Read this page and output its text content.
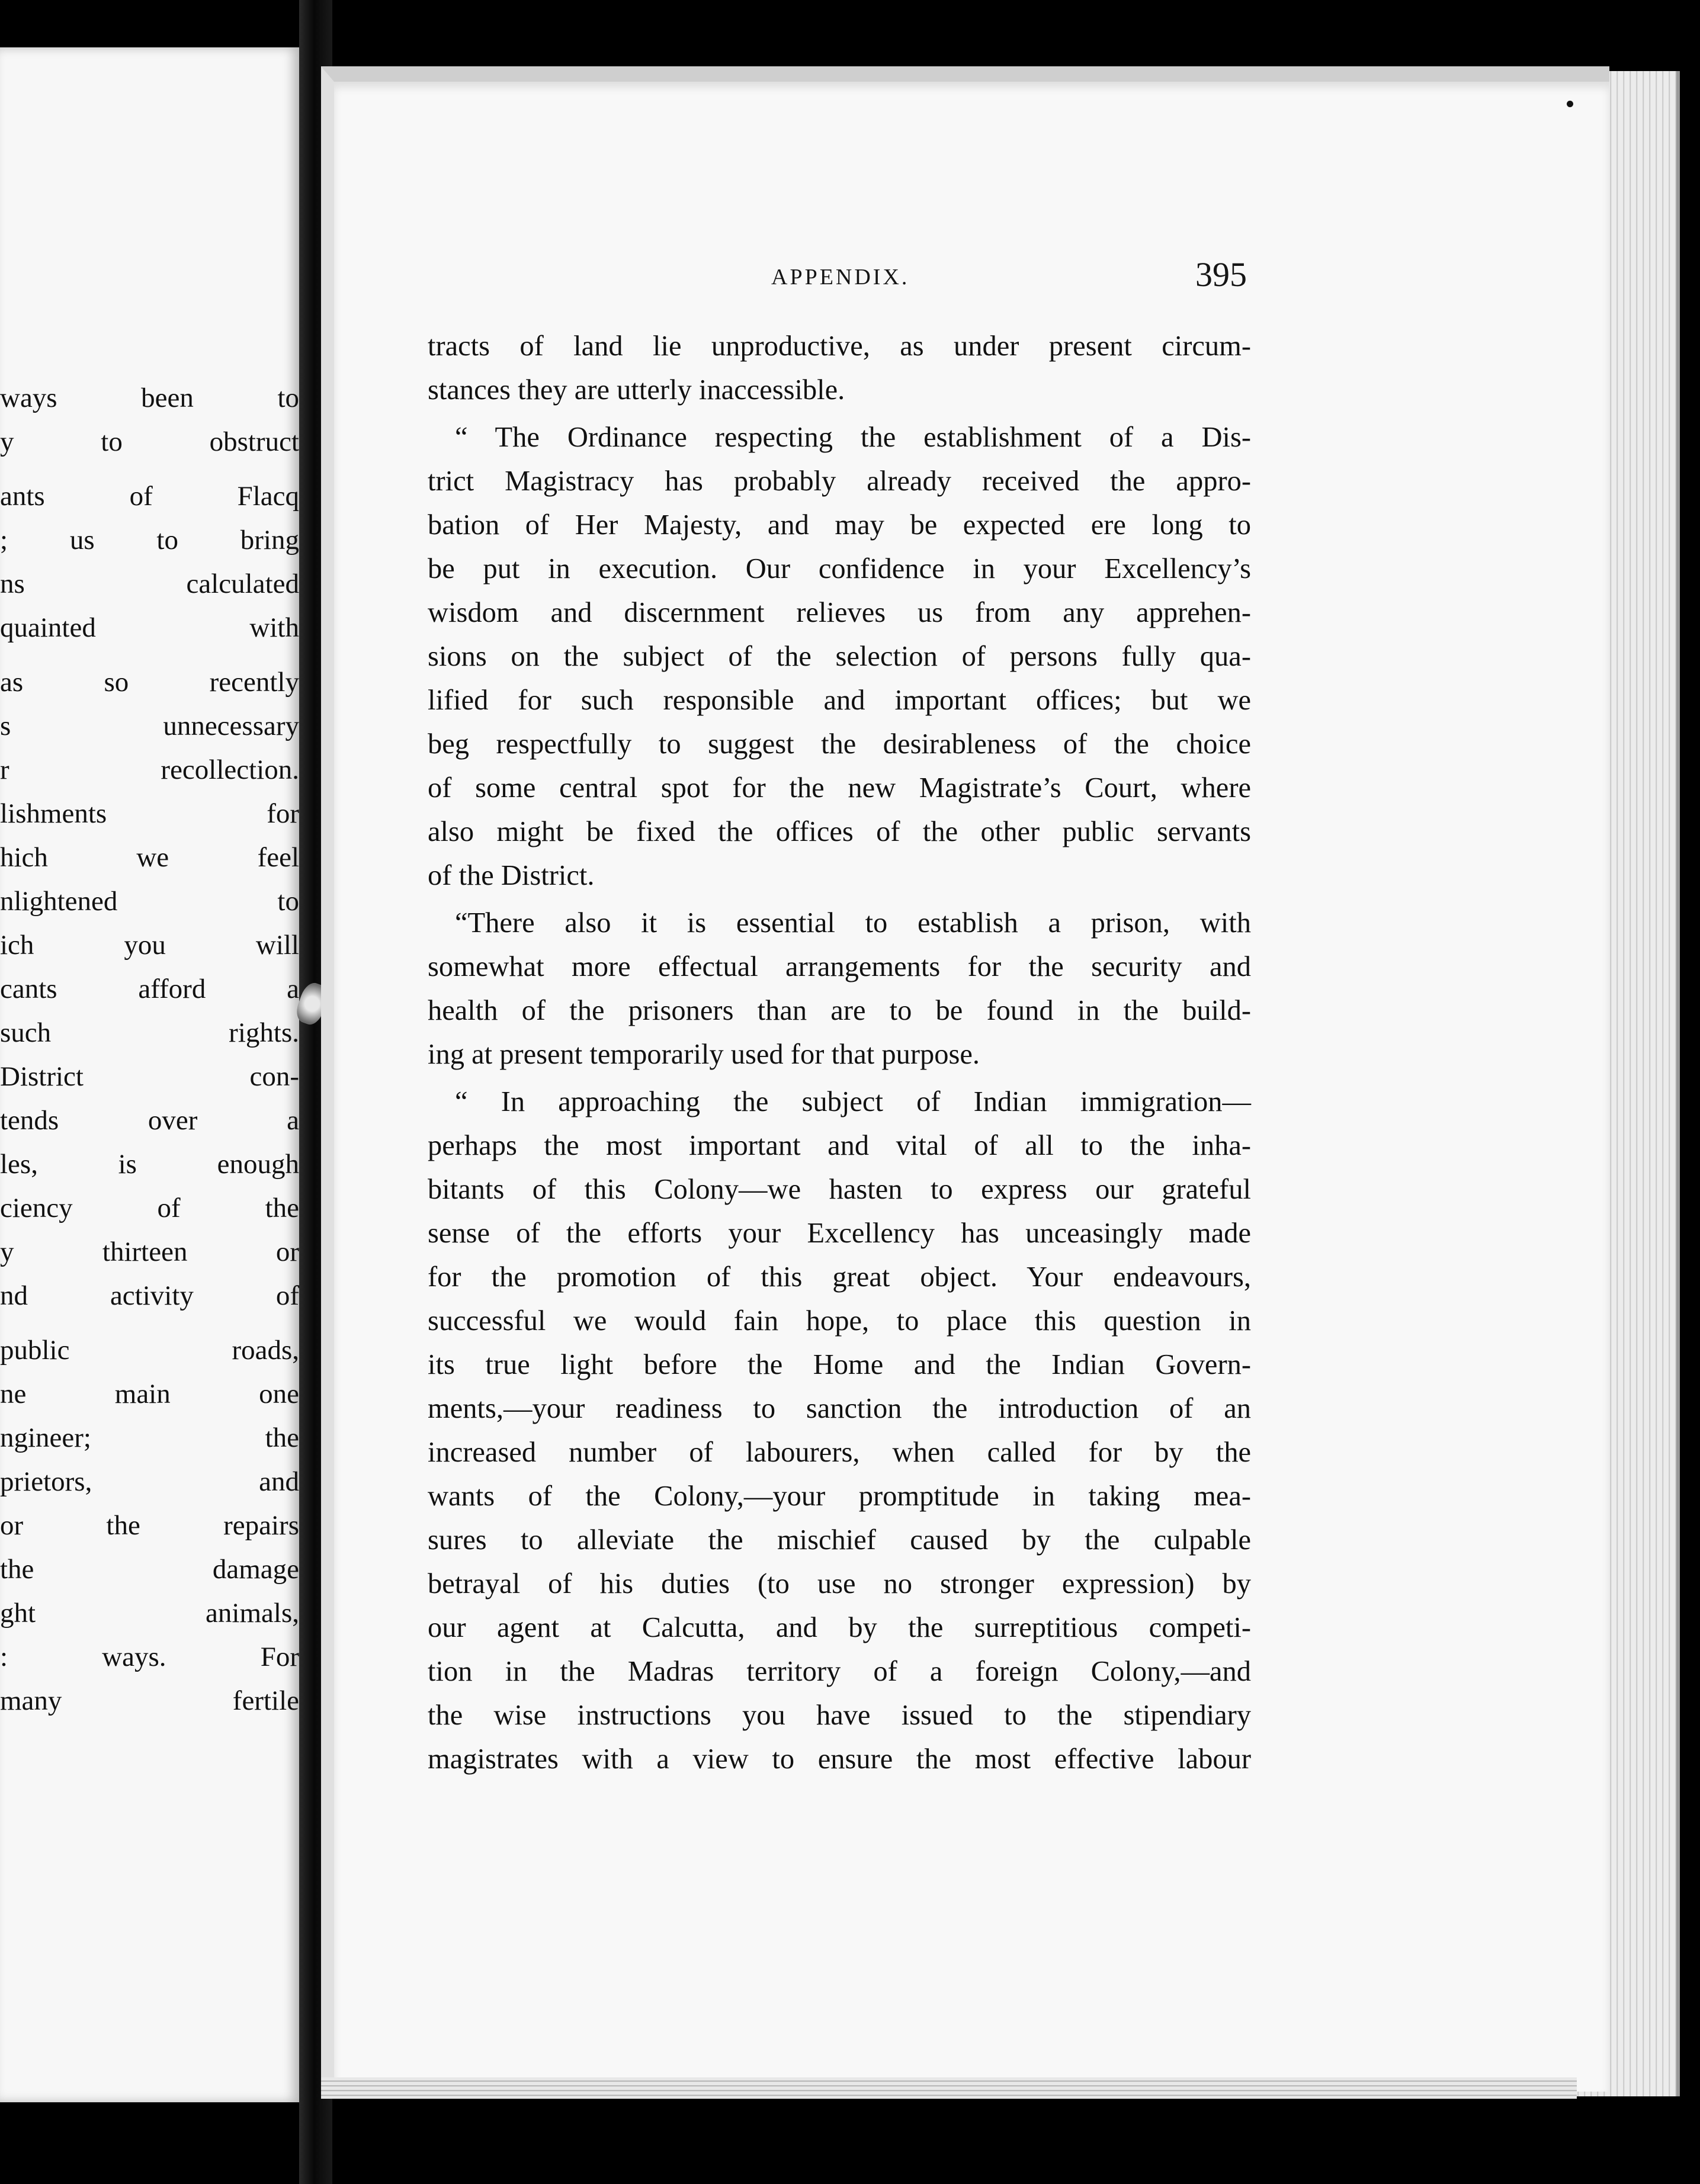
ways been to
y to obstruct
ants of Flacq
; us to bring
ns calculated
quainted with
as so recently
s unnecessary
r recollection.
lishments for
hich we feel
nlightened to
ich you will
cants afford a
such rights.
District con-
tends over a
les, is enough
ciency of the
y thirteen or
nd activity of
public roads,
ne main one
ngineer; the
prietors, and
or the repairs
the damage
ght animals,
: ways. For
many fertile
APPENDIX.	395
tracts of land lie unproductive, as under present circum-
stances they are utterly inaccessible.
“ The Ordinance respecting the establishment of a Dis-
trict Magistracy has probably already received the appro-
bation of Her Majesty, and may be expected ere long to
be put in execution. Our confidence in your Excellency’s
wisdom and discernment relieves us from any apprehen-
sions on the subject of the selection of persons fully qua-
lified for such responsible and important offices; but we
beg respectfully to suggest the desirableness of the choice
of some central spot for the new Magistrate’s Court, where
also might be fixed the offices of the other public servants
of the District.
“There also it is essential to establish a prison, with
somewhat more effectual arrangements for the security and
health of the prisoners than are to be found in the build-
ing at present temporarily used for that purpose.
“ In approaching the subject of Indian immigration—
perhaps the most important and vital of all to the inha-
bitants of this Colony—we hasten to express our grateful
sense of the efforts your Excellency has unceasingly made
for the promotion of this great object. Your endeavours,
successful we would fain hope, to place this question in
its true light before the Home and the Indian Govern-
ments,—your readiness to sanction the introduction of an
increased number of labourers, when called for by the
wants of the Colony,—your promptitude in taking mea-
sures to alleviate the mischief caused by the culpable
betrayal of his duties (to use no stronger expression) by
our agent at Calcutta, and by the surreptitious competi-
tion in the Madras territory of a foreign Colony,—and
the wise instructions you have issued to the stipendiary
magistrates with a view to ensure the most effective labour
